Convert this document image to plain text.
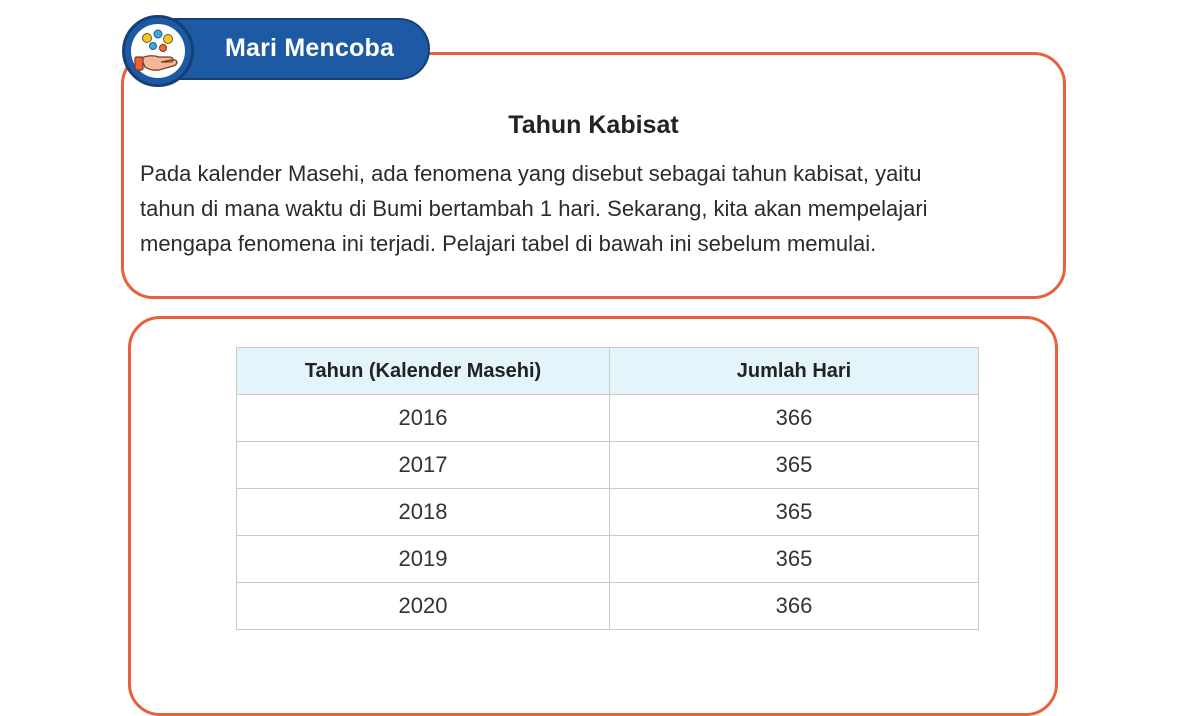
Mari Mencoba
Tahun Kabisat
Pada kalender Masehi, ada fenomena yang disebut sebagai tahun kabisat, yaitu
tahun di mana waktu di Bumi bertambah 1 hari. Sekarang, kita akan mempelajari
mengapa fenomena ini terjadi. Pelajari tabel di bawah ini sebelum memulai.
Tahun (Kalender Masehi)	Jumlah Hari
2016	366
2017	365
2018	365
2019	365
2020	366
